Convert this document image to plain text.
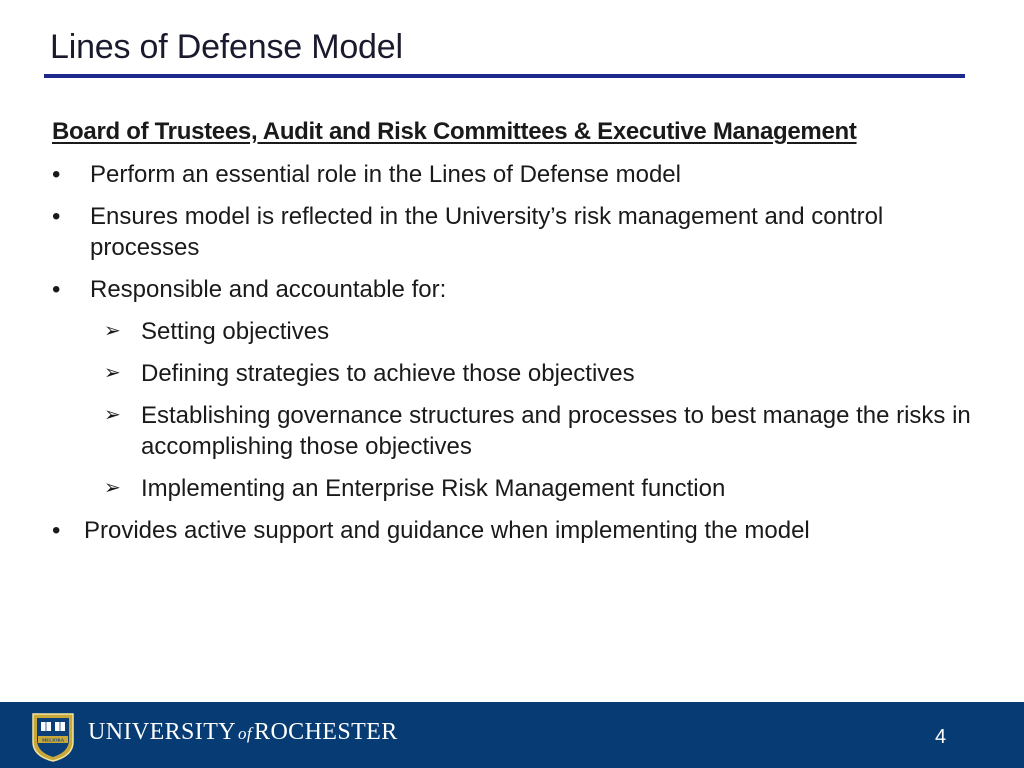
Lines of Defense Model
Board of Trustees, Audit and Risk Committees & Executive Management
•	Perform an essential role in the Lines of Defense model
•	Ensures model is reflected in the University’s risk management and control processes
•	Responsible and accountable for:
➢ Setting objectives
➢ Defining strategies to achieve those objectives
➢ Establishing governance structures and processes to best manage the risks in accomplishing those objectives
➢ Implementing an Enterprise Risk Management function
• Provides active support and guidance when implementing the model
MELIORA UNIVERSITY ofROCHESTER	4
